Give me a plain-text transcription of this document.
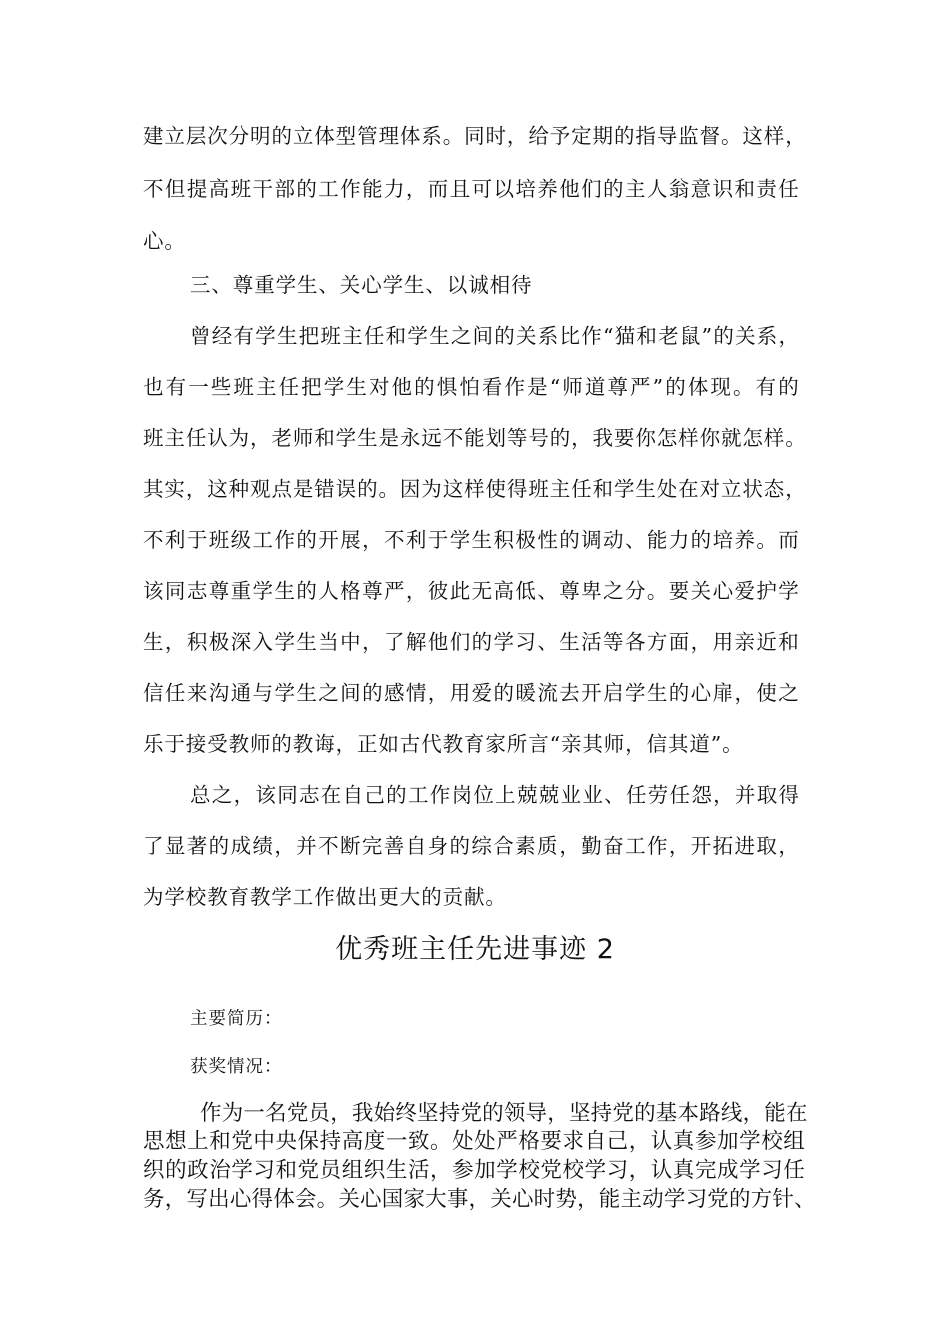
建 立 层 次 分 明 的 立 体 型 管 理 体 系 。 同 时 ， 给 予 定 期 的 指 导 监 督 。 这 样 ，
不 但 提 高 班 干 部 的 工 作 能 力 ， 而 且 可 以 培 养 他 们 的 主 人 翁 意 识 和 责 任
心。
三、尊重学生、关心学生、以诚相待
曾 经 有 学 生 把 班 主 任 和 学 生 之 间 的 关 系 比 作 “ 猫 和 老 鼠 ” 的 关 系 ，
也 有 一 些 班 主 任 把 学 生 对 他 的 惧 怕 看 作 是 “ 师 道 尊 严 ” 的 体 现 。 有 的
班 主 任 认 为 ， 老 师 和 学 生 是 永 远 不 能 划 等 号 的 ， 我 要 你 怎 样 你 就 怎 样 。
其 实 ， 这 种 观 点 是 错 误 的 。 因 为 这 样 使 得 班 主 任 和 学 生 处 在 对 立 状 态 ，
不 利 于 班 级 工 作 的 开 展 ， 不 利 于 学 生 积 极 性 的 调 动 、 能 力 的 培 养 。 而
该 同 志 尊 重 学 生 的 人 格 尊 严 ， 彼 此 无 高 低 、 尊 卑 之 分 。 要 关 心 爱 护 学
生 ， 积 极 深 入 学 生 当 中 ， 了 解 他 们 的 学 习 、 生 活 等 各 方 面 ， 用 亲 近 和
信 任 来 沟 通 与 学 生 之 间 的 感 情 ， 用 爱 的 暖 流 去 开 启 学 生 的 心 扉 ， 使 之
乐于接受教师的教诲，正如古代教育家所言“亲其师，信其道”。
总 之 ， 该 同 志 在 自 己 的 工 作 岗 位 上 兢 兢 业 业 、 任 劳 任 怨 ， 并 取 得
了 显 著 的 成 绩 ， 并 不 断 完 善 自 身 的 综 合 素 质 ， 勤 奋 工 作 ， 开 拓 进 取 ，
为学校教育教学工作做出更大的贡献。
优秀班主任先进事迹 2
主要简历：
获奖情况：
作 为 一 名 党 员 ， 我 始 终 坚 持 党 的 领 导 ， 坚 持 党 的 基 本 路 线 ， 能 在
思 想 上 和 党 中 央 保 持 高 度 一 致 。 处 处 严 格 要 求 自 己 ， 认 真 参 加 学 校 组
织 的 政 治 学 习 和 党 员 组 织 生 活 ， 参 加 学 校 党 校 学 习 ， 认 真 完 成 学 习 任
务 ， 写 出 心 得 体 会 。 关 心 国 家 大 事 ， 关 心 时 势 ， 能 主 动 学 习 党 的 方 针 、
